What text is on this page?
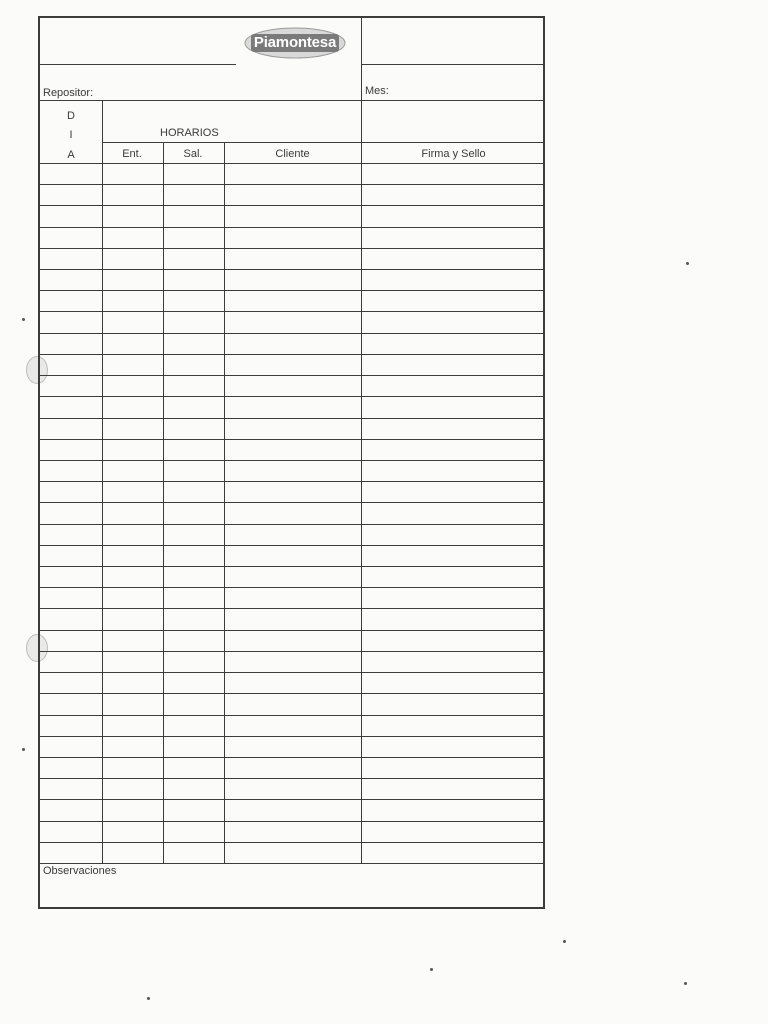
Piamontesa
Repositor:	Mes:
D
I
A
HORARIOS
Ent.	Sal.	Cliente	Firma y Sello
Observaciones
